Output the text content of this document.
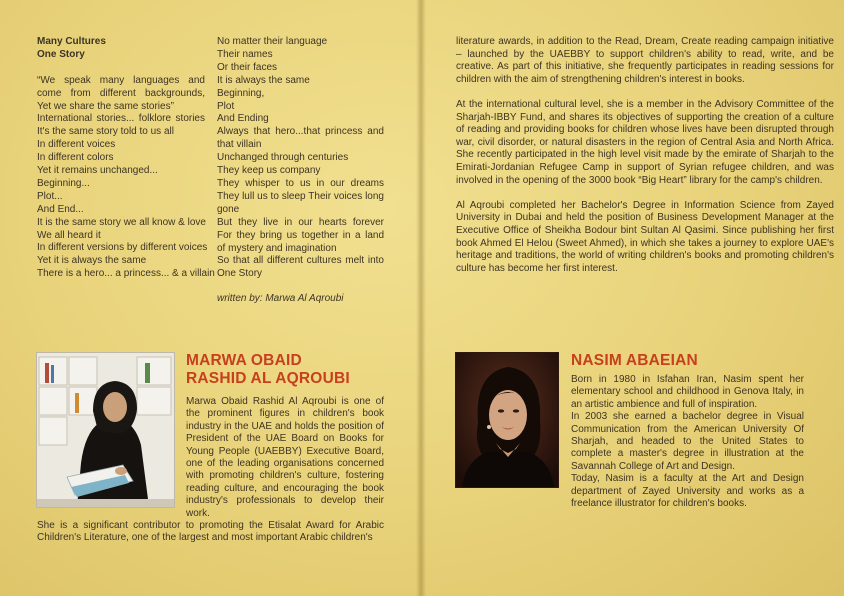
Many Cultures
One Story
“We speak many languages and
come from different backgrounds,
Yet we share the same stories”
International stories... folklore stories
It's the same story told to us all
In different voices
In different colors
Yet it remains unchanged...
Beginning...
Plot...
And End...
It is the same story we all know & love
We all heard it
In different versions by different voices
Yet it is always the same
There is a hero... a princess... & a villain
No matter their language
Their names
Or their faces
It is always the same
Beginning,
Plot
And Ending
Always that hero...that princess and
that villain
Unchanged through centuries
They keep us company
They whisper to us in our dreams
They lull us to sleep Their voices long
gone
But they live in our hearts forever
For they bring us together in a land
of mystery and imagination
So that all different cultures melt into
One Story
written by: Marwa Al Aqroubi
MARWA OBAID
RASHID AL AQROUBI

Marwa Obaid Rashid Al Aqroubi is one of the prominent figures in children's book industry in the UAE and holds the position of President of the UAE Board on Books for Young People (UAEBBY) Executive Board, one of the leading organisations concerned with promoting children's culture, fostering reading culture, and encouraging the book industry's professionals to develop their work.

She is a significant contributor to promoting the Etisalat Award for Arabic Children's Literature, one of the largest and most important Arabic children's

literature awards, in addition to the Read, Dream, Create reading campaign initiative – launched by the UAEBBY to support children's ability to read, write, and be creative. As part of this initiative, she frequently participates in reading sessions for children with the aim of strengthening children's interest in books.

At the international cultural level, she is a member in the Advisory Committee of the Sharjah-IBBY Fund, and shares its objectives of supporting the creation of a culture of reading and providing books for children whose lives have been disrupted through war, civil disorder, or natural disasters in the region of Central Asia and North Africa. She recently participated in the high level visit made by the emirate of Sharjah to the Emirati-Jordanian Refugee Camp in support of Syrian refugee children, and was involved in the opening of the 3000 book “Big Heart” library for the camp's children.

Al Aqroubi completed her Bachelor's Degree in Information Science from Zayed University in Dubai and held the position of Business Development Manager at the Executive Office of Sheikha Bodour bint Sultan Al Qasimi. Since publishing her first book Ahmed El Helou (Sweet Ahmed), in which she takes a journey to explore UAE's heritage and traditions, the world of writing children's books and promoting children's culture has become her first interest.

NASIM ABAEIAN

Born in 1980 in Isfahan Iran, Nasim spent her elementary school and childhood in Genova Italy, in an artistic ambience and full of inspiration.

In 2003 she earned a bachelor degree in Visual Communication from the American University Of Sharjah, and headed to the United States to complete a master's degree in illustration at the Savannah College of Art and Design.

Today, Nasim is a faculty at the Art and Design department of Zayed University and works as a freelance illustrator for children's books.
